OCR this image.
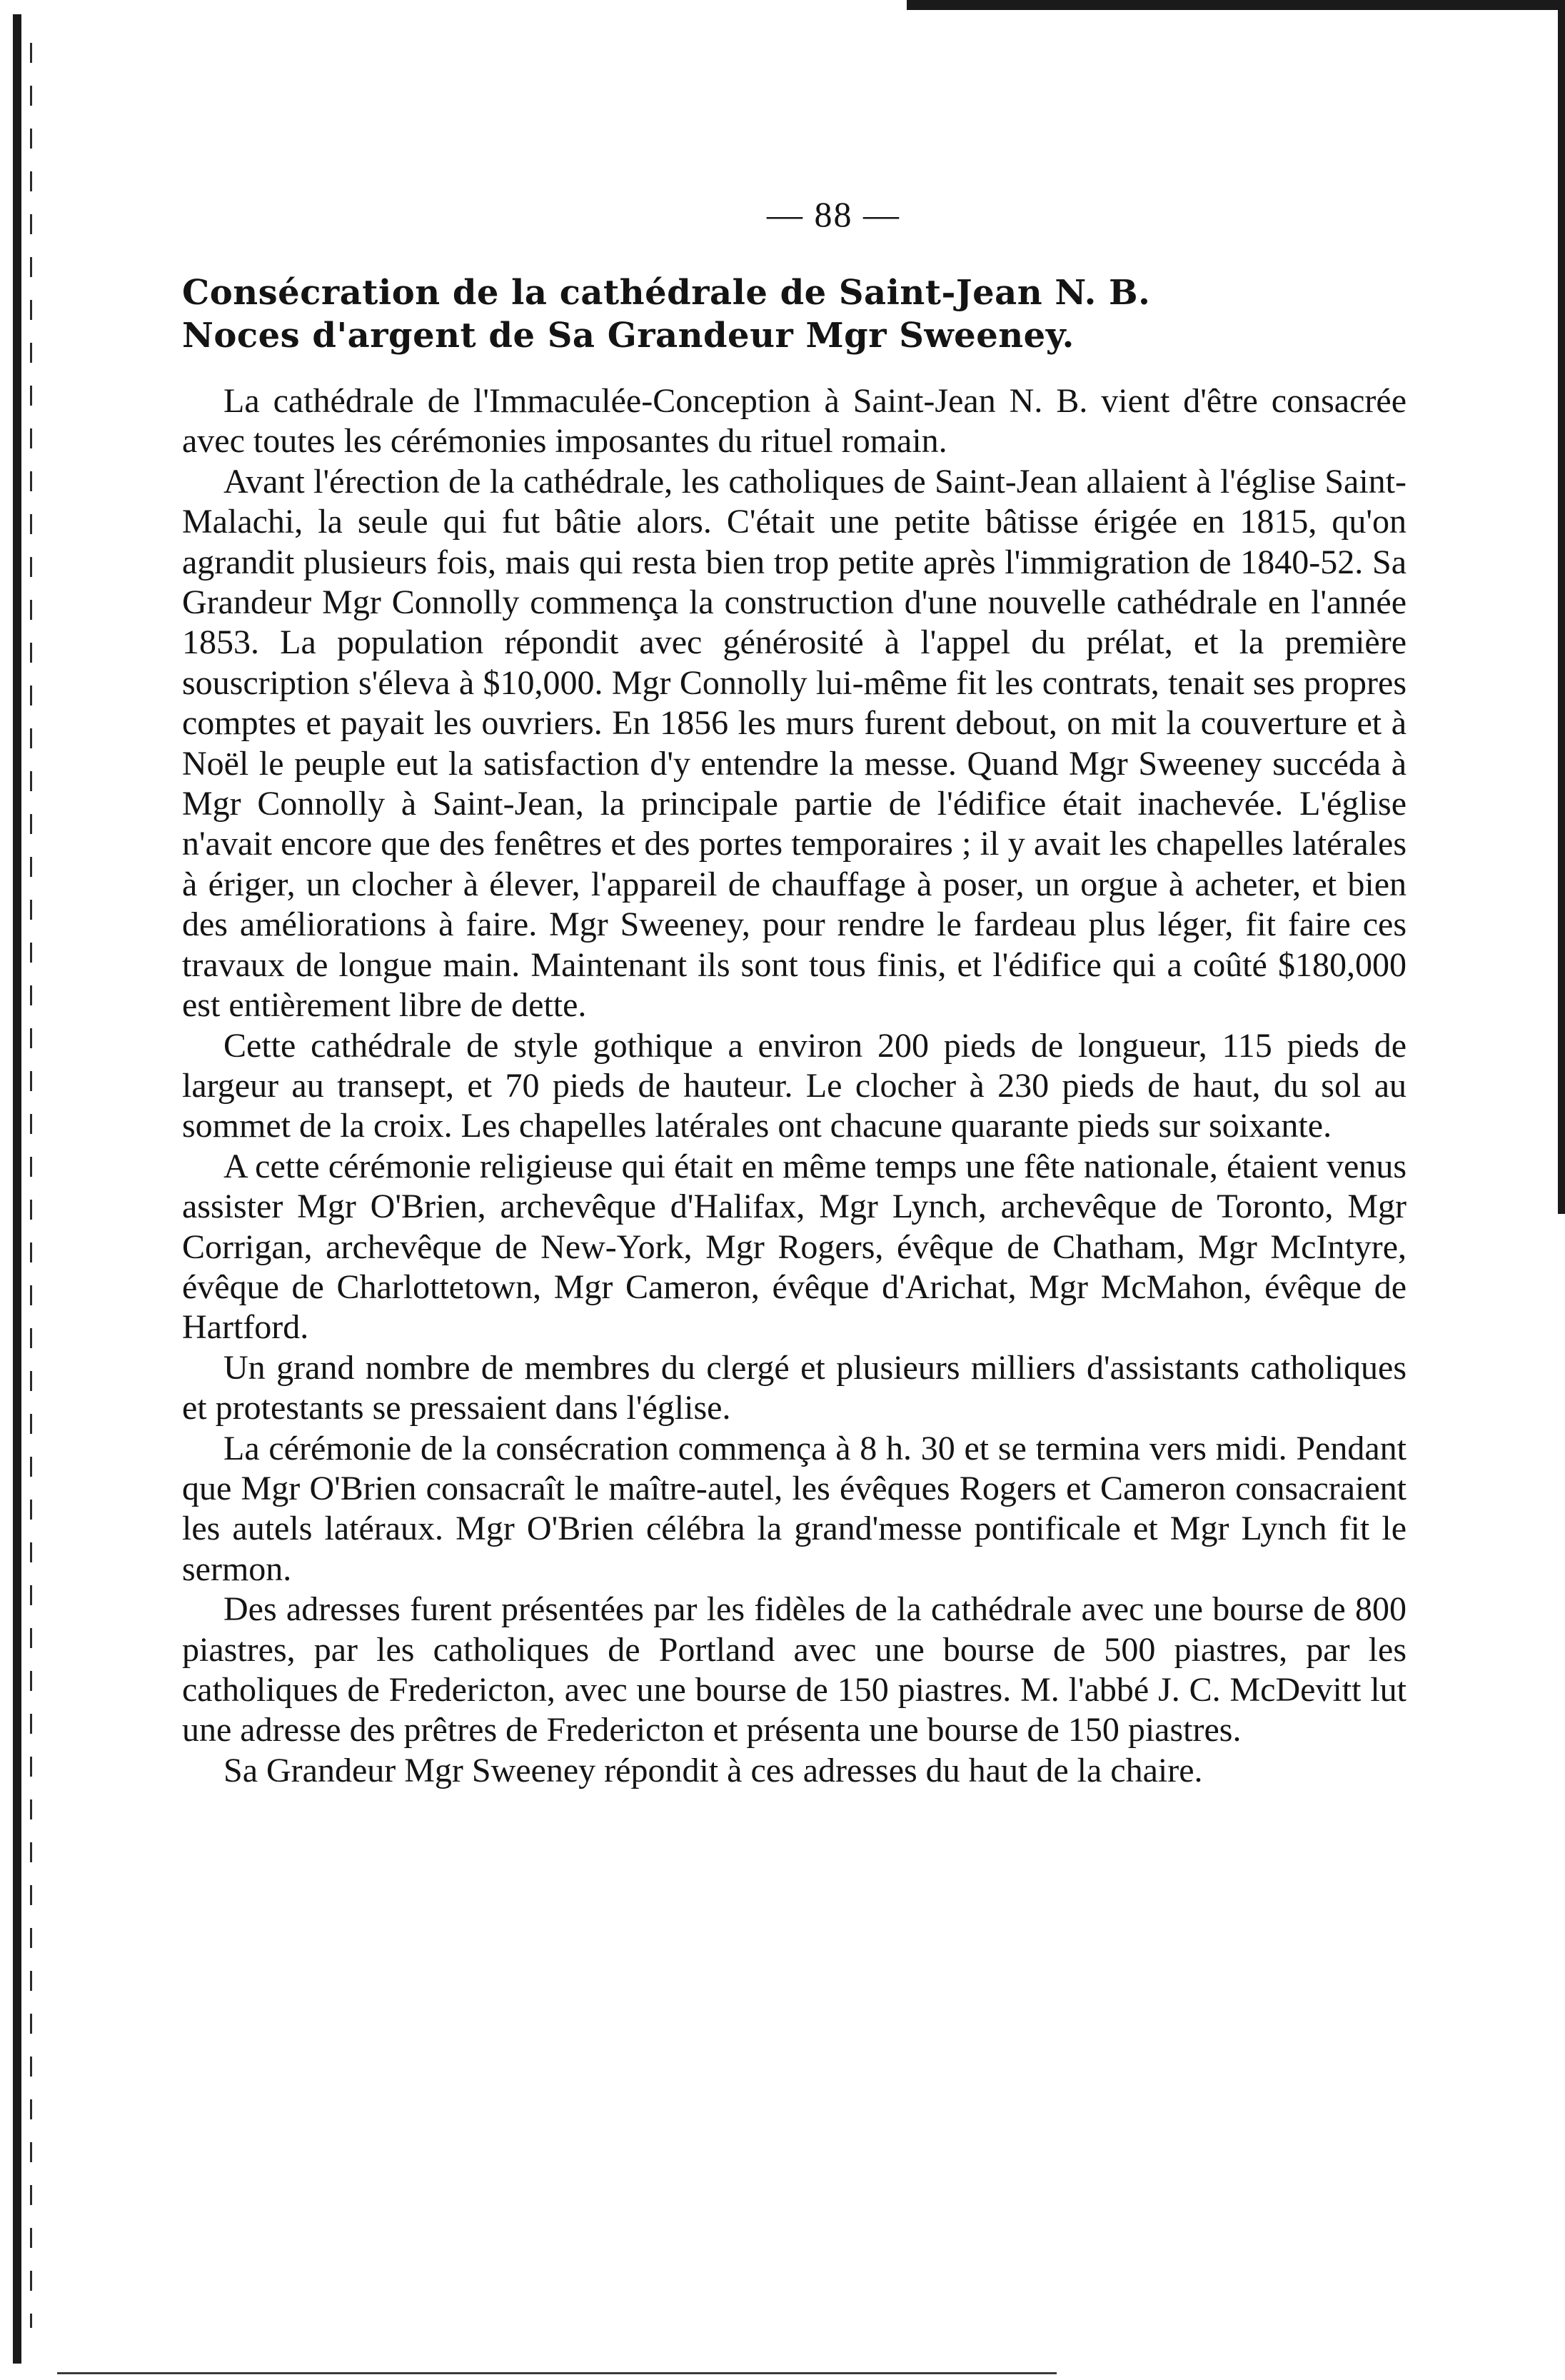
— 88 —
Consécration de la cathédrale de Saint-Jean N. B.
Noces d'argent de Sa Grandeur Mgr Sweeney.

La cathédrale de l'Immaculée-Conception à Saint-Jean N. B. vient d'être consacrée avec toutes les cérémonies imposantes du rituel romain.

Avant l'érection de la cathédrale, les catholiques de Saint-Jean allaient à l'église Saint-Malachi, la seule qui fut bâtie alors. C'était une petite bâtisse érigée en 1815, qu'on agrandit plusieurs fois, mais qui resta bien trop petite après l'immigration de 1840-52. Sa Grandeur Mgr Connolly commença la construction d'une nouvelle cathédrale en l'année 1853. La population répondit avec générosité à l'appel du prélat, et la première souscription s'éleva à $10,000. Mgr Connolly lui-même fit les contrats, tenait ses propres comptes et payait les ouvriers. En 1856 les murs furent debout, on mit la couverture et à Noël le peuple eut la satisfaction d'y entendre la messe. Quand Mgr Sweeney succéda à Mgr Connolly à Saint-Jean, la principale partie de l'édifice était inachevée. L'église n'avait encore que des fenêtres et des portes temporaires ; il y avait les chapelles latérales à ériger, un clocher à élever, l'appareil de chauffage à poser, un orgue à acheter, et bien des améliorations à faire. Mgr Sweeney, pour rendre le fardeau plus léger, fit faire ces travaux de longue main. Maintenant ils sont tous finis, et l'édifice qui a coûté $180,000 est entièrement libre de dette.

Cette cathédrale de style gothique a environ 200 pieds de longueur, 115 pieds de largeur au transept, et 70 pieds de hauteur. Le clocher à 230 pieds de haut, du sol au sommet de la croix. Les chapelles latérales ont chacune quarante pieds sur soixante.

A cette cérémonie religieuse qui était en même temps une fête nationale, étaient venus assister Mgr O'Brien, archevêque d'Halifax, Mgr Lynch, archevêque de Toronto, Mgr Corrigan, archevêque de New-York, Mgr Rogers, évêque de Chatham, Mgr McIntyre, évêque de Charlottetown, Mgr Cameron, évêque d'Arichat, Mgr McMahon, évêque de Hartford.

Un grand nombre de membres du clergé et plusieurs milliers d'assistants catholiques et protestants se pressaient dans l'église.

La cérémonie de la consécration commença à 8 h. 30 et se termina vers midi. Pendant que Mgr O'Brien consacraît le maître-autel, les évêques Rogers et Cameron consacraient les autels latéraux. Mgr O'Brien célébra la grand'messe pontificale et Mgr Lynch fit le sermon.

Des adresses furent présentées par les fidèles de la cathédrale avec une bourse de 800 piastres, par les catholiques de Portland avec une bourse de 500 piastres, par les catholiques de Fredericton, avec une bourse de 150 piastres. M. l'abbé J. C. McDevitt lut une adresse des prêtres de Fredericton et présenta une bourse de 150 piastres.

Sa Grandeur Mgr Sweeney répondit à ces adresses du haut de la chaire.
